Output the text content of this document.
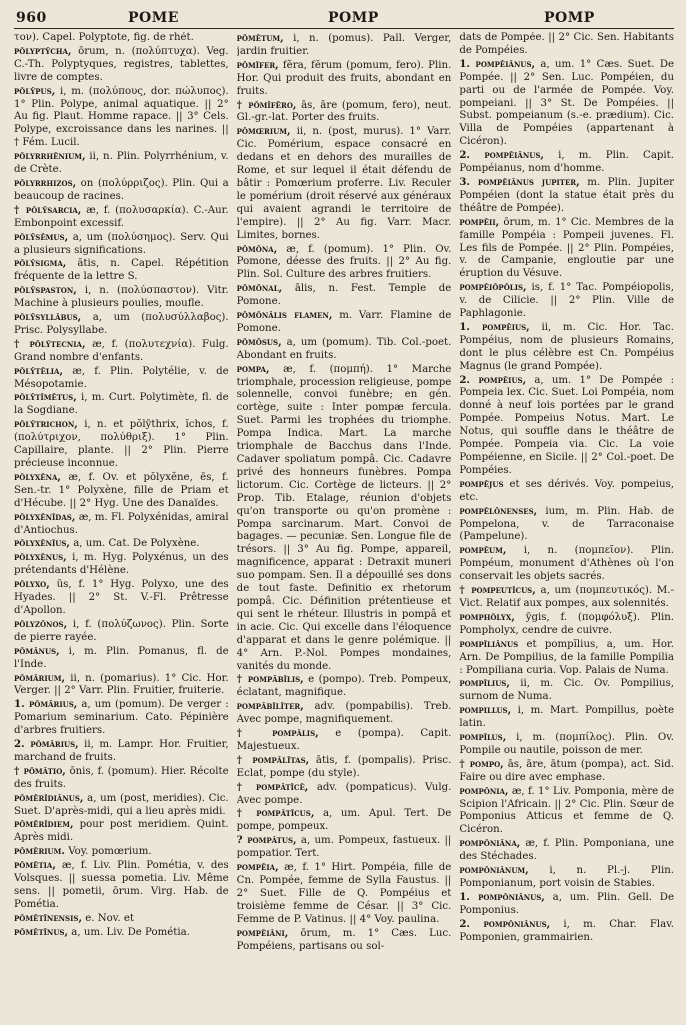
960	POME	POMP	POMP

τον). Capel. Polyptote, fig. de rhét.

pŏlyptȳcha, ōrum, n. (πολύπτυχα). Veg. C.-Th. Polyptyques, registres, tablettes, livre de comptes.

pŏlȳpus, i, m. (πολύπους, dor. πώλυπος). 1° Plin. Polype, animal aquatique. || 2° Au fig. Plaut. Homme rapace. || 3° Cels. Polype, excroissance dans les narines. || † Fém. Lucil.

pŏlyrrhēnium, ii, n. Plin. Polyrrhénium, v. de Crète.

pŏlyrrhizos, on (πολύρριζος). Plin. Qui a beaucoup de racines.

† pŏlȳsarcia, æ, f. (πολυσαρκία). C.-Aur. Embonpoint excessif.

pŏlȳsēmus, a, um (πολύσημος). Serv. Qui a plusieurs significations.

pŏlȳsigma, ătis, n. Capel. Répétition fréquente de la lettre S.

pŏlȳspaston, i, n. (πολύσπαστον). Vitr. Machine à plusieurs poulies, moufle.

pŏlȳsyllăbus, a, um (πολυσύλλαβος). Prisc. Polysyllabe.

† pŏlȳtecnia, æ, f. (πολυτεχνία). Fulg. Grand nombre d'enfants.

pŏlȳtēlia, æ, f. Plin. Polytélie, v. de Mésopotamie.

pŏlȳtīmētus, i, m. Curt. Polytimète, fl. de la Sogdiane.

pŏlȳtrichon, i, n. et pŏlȳthrix, ĭchos, f. (πολύτριχον, πολύθριξ). 1° Plin. Capillaire, plante. || 2° Plin. Pierre précieuse inconnue.

pŏlyxĕna, æ, f. Ov. et pŏlyxĕne, ēs, f. Sen.-tr. 1° Polyxène, fille de Priam et d'Hécube. || 2° Hyg. Une des Danaïdes.

pŏlyxĕnĭdas, æ, m. Fl. Polyxénidas, amiral d'Antiochus.

pŏlyxēnĭus, a, um. Cat. De Polyxène.

pŏlyxēnus, i, m. Hyg. Polyxénus, un des prétendants d'Hélène.

pŏlyxo, ūs, f. 1° Hyg. Polyxo, une des Hyades. || 2° St. V.-Fl. Prêtresse d'Apollon.

pŏlyzōnos, i, f. (πολύζωνος). Plin. Sorte de pierre rayée.

pōmānus, i, m. Plin. Pomanus, fl. de l'Inde.

pōmārium, ii, n. (pomarius). 1° Cic. Hor. Verger. || 2° Varr. Plin. Fruitier, fruiterie.

1. pōmārius, a, um (pomum). De verger : Pomarium seminarium. Cato. Pépinière d'arbres fruitiers.

2. pōmārius, ii, m. Lampr. Hor. Fruitier, marchand de fruits.

† pōmātio, ōnis, f. (pomum). Hier. Récolte des fruits.

pōmĕrīdiānus, a, um (post, meridies). Cic. Suet. D'après-midi, qui a lieu après midi.

pōmĕrīdiem, pour post meridiem. Quint. Après midi.

pōmērium. Voy. pomœrium.

pōmētia, æ, f. Liv. Plin. Pométia, v. des Volsques. || suessa pometia. Liv. Même sens. || pometii, ōrum. Virg. Hab. de Pométia.

pōmētīnensis, e. Nov. et

pōmētīnus, a, um. Liv. De Pométia.

pōmētum, i, n. (pomus). Pall. Verger, jardin fruitier.

pōmĭfer, fĕra, fĕrum (pomum, fero). Plin. Hor. Qui produit des fruits, abondant en fruits.

† pōmĭfĕro, ās, āre (pomum, fero), neut. Gl.-gr.-lat. Porter des fruits.

pōmœrium, ii, n. (post, murus). 1° Varr. Cic. Pomérium, espace consacré en dedans et en dehors des murailles de Rome, et sur lequel il était défendu de bâtir : Pomœrium proferre. Liv. Reculer le pomérium (droit réservé aux généraux qui avaient agrandi le territoire de l'empire). || 2° Au fig. Varr. Macr. Limites, bornes.

pōmōna, æ, f. (pomum). 1° Plin. Ov. Pomone, déesse des fruits. || 2° Au fig. Plin. Sol. Culture des arbres fruitiers.

pōmōnal, ālis, n. Fest. Temple de Pomone.

pōmōnālis flamen, m. Varr. Flamine de Pomone.

pōmōsus, a, um (pomum). Tib. Col.-poet. Abondant en fruits.

pompa, æ, f. (πομπή). 1° Marche triomphale, procession religieuse, pompe solennelle, convoi funèbre; en gén. cortège, suite : Inter pompæ fercula. Suet. Parmi les trophées du triomphe. Pompa Indica. Mart. La marche triomphale de Bacchus dans l'Inde. Cadaver spoliatum pompâ. Cic. Cadavre privé des honneurs funèbres. Pompa lictorum. Cic. Cortège de licteurs. || 2° Prop. Tib. Etalage, réunion d'objets qu'on transporte ou qu'on promène : Pompa sarcinarum. Mart. Convoi de bagages. — pecuniæ. Sen. Longue file de trésors. || 3° Au fig. Pompe, appareil, magnificence, apparat : Detraxit muneri suo pompam. Sen. Il a dépouillé ses dons de tout faste. Definitio ex rhetorum pompâ. Cic. Définition prétentieuse et qui sent le rhéteur. Illustris in pompâ et in acie. Cic. Qui excelle dans l'éloquence d'apparat et dans le genre polémique. || 4° Arn. P.-Nol. Pompes mondaines, vanités du monde.

† pompābĭlis, e (pompo). Treb. Pompeux, éclatant, magnifique.

pompābĭlĭter, adv. (pompabilis). Treb. Avec pompe, magnifiquement.

† pompālis, e (pompa). Capit. Majestueux.

† pompālĭtas, ātis, f. (pompalis). Prisc. Eclat, pompe (du style).

† pompātĭcē, adv. (pompaticus). Vulg. Avec pompe.

† pompātĭcus, a, um. Apul. Tert. De pompe, pompeux.

? pompātus, a, um. Pompeux, fastueux. || pompatior. Tert.

pompēia, æ, f. 1° Hirt. Pompéia, fille de Cn. Pompée, femme de Sylla Faustus. || 2° Suet. Fille de Q. Pompéius et troisième femme de César. || 3° Cic. Femme de P. Vatinus. || 4° Voy. paulina.

pompēiāni, ōrum, m. 1° Cæs. Luc. Pompéiens, partisans ou sol-

dats de Pompée. || 2° Cic. Sen. Habitants de Pompéies.

1. pompēiānus, a, um. 1° Cæs. Suet. De Pompée. || 2° Sen. Luc. Pompéien, du parti ou de l'armée de Pompée. Voy. pompeiani. || 3° St. De Pompéies. || Subst. pompeianum (s.-e. prædium). Cic. Villa de Pompéies (appartenant à Cicéron).

2. pompēiānus, i, m. Plin. Capit. Pompéianus, nom d'homme.

3. pompēiānus jupiter, m. Plin. Jupiter Pompéien (dont la statue était près du théâtre de Pompée).

pompēii, ōrum, m. 1° Cic. Membres de la famille Pompéia : Pompeii juvenes. Fl. Les fils de Pompée. || 2° Plin. Pompéies, v. de Campanie, engloutie par une éruption du Vésuve.

pompēiŏpŏlis, is, f. 1° Tac. Pompéiopolis, v. de Cilicie. || 2° Plin. Ville de Paphlagonie.

1. pompēius, ii, m. Cic. Hor. Tac. Pompéius, nom de plusieurs Romains, dont le plus célèbre est Cn. Pompéius Magnus (le grand Pompée).

2. pompēius, a, um. 1° De Pompée : Pompeia lex. Cic. Suet. Loi Pompéia, nom donné à neuf lois portées par le grand Pompée. Pompeius Notus. Mart. Le Notus, qui souffle dans le théâtre de Pompée. Pompeia via. Cic. La voie Pompéienne, en Sicile. || 2° Col.-poet. De Pompéies.

pompējus et ses dérivés. Voy. pompeius, etc.

pompĕlōnenses, ium, m. Plin. Hab. de Pompelona, v. de Tarraconaise (Pampelune).

pompēum, i, n. (πομπεῖον). Plin. Pompéum, monument d'Athènes où l'on conservait les objets sacrés.

† pompeutĭcus, a, um (πομπευτικός). M.-Vict. Relatif aux pompes, aux solennités.

pomphŏlyx, ȳgis, f. (πομφόλυξ). Plin. Pompholyx, cendre de cuivre.

pompĭliānus et pompĭlius, a, um. Hor. Arn. De Pompilius, de la famille Pompilia : Pompiliana curia. Vop. Palais de Numa.

pompĭlius, ii, m. Cic. Ov. Pompilius, surnom de Numa.

pompillus, i, m. Mart. Pompillus, poète latin.

pompĭlus, i, m. (πομπίλος). Plin. Ov. Pompile ou nautile, poisson de mer.

† pompo, ās, āre, ātum (pompa), act. Sid. Faire ou dire avec emphase.

pompōnia, æ, f. 1° Liv. Pomponia, mère de Scipion l'Africain. || 2° Cic. Plin. Sœur de Pomponius Atticus et femme de Q. Cicéron.

pompōniāna, æ, f. Plin. Pomponiana, une des Stéchades.

pompōniānum, i, n. Pl.-j. Plin. Pomponianum, port voisin de Stabies.

1. pompōniānus, a, um. Plin. Gell. De Pomponius.

2. pompōniānus, i, m. Char. Flav. Pomponien, grammairien.
